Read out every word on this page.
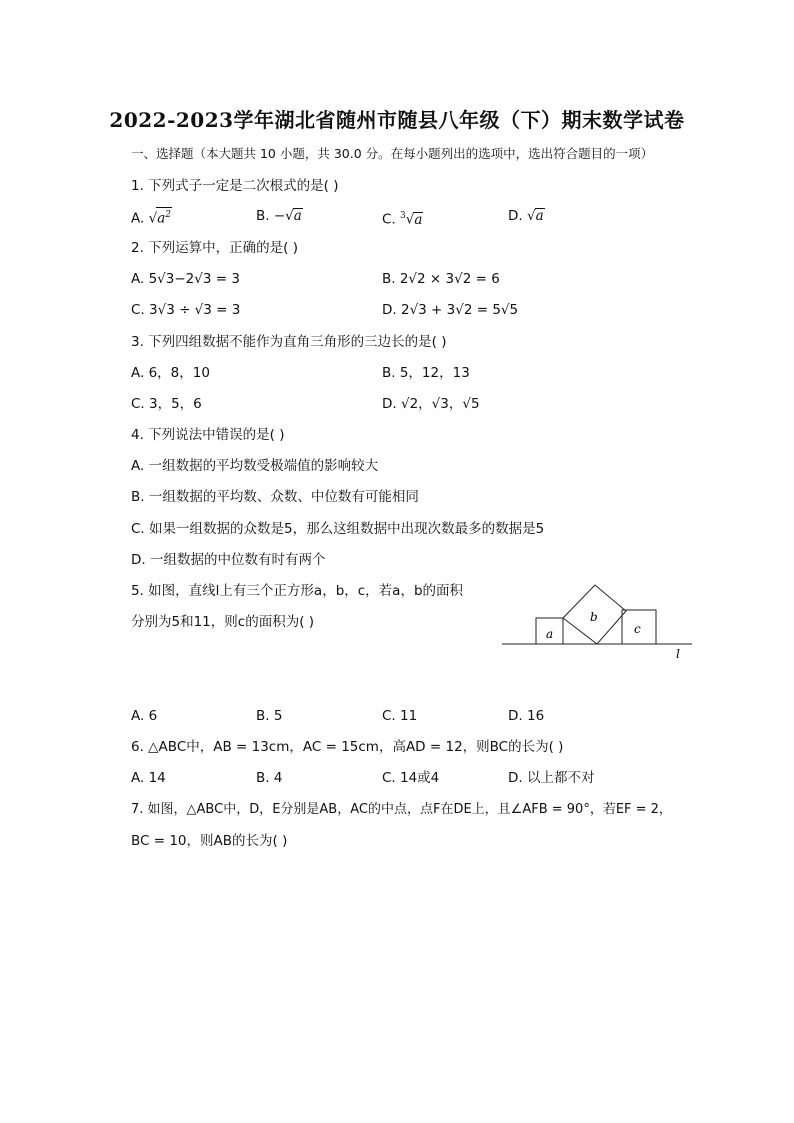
2022-2023学年湖北省随州市随县八年级（下）期末数学试卷
一、选择题（本大题共 10 小题，共 30.0 分。在每小题列出的选项中，选出符合题目的一项）
1. 下列式子一定是二次根式的是( )
A. $√a^2$	B. −√a	C. $^3$√a	D. √a
2. 下列运算中，正确的是( )
A. 5√3−2√3 = 3	B. 2√2 × 3√2 = 6
C. 3√3 ÷ √3 = 3	D. 2√3 + 3√2 = 5√5
3. 下列四组数据不能作为直角三角形的三边长的是( )
A. 6，8，10	B. 5，12，13
C. 3，5，6	D. √2，√3，√5
4. 下列说法中错误的是( )
A. 一组数据的平均数受极端值的影响较大
B. 一组数据的平均数、众数、中位数有可能相同
C. 如果一组数据的众数是5，那么这组数据中出现次数最多的数据是5
D. 一组数据的中位数有时有两个
5. 如图，直线l上有三个正方形a，b，c，若a，b的面积
分别为5和11，则c的面积为( )
a
b
c
l
A. 6	B. 5	C. 11	D. 16
6. △ABC中，AB = 13cm，AC = 15cm，高AD = 12，则BC的长为( )
A. 14	B. 4	C. 14或4	D. 以上都不对
7. 如图，△ABC中，D，E分别是AB，AC的中点，点F在DE上，且∠AFB = 90°，若EF = 2，
BC = 10，则AB的长为( )
